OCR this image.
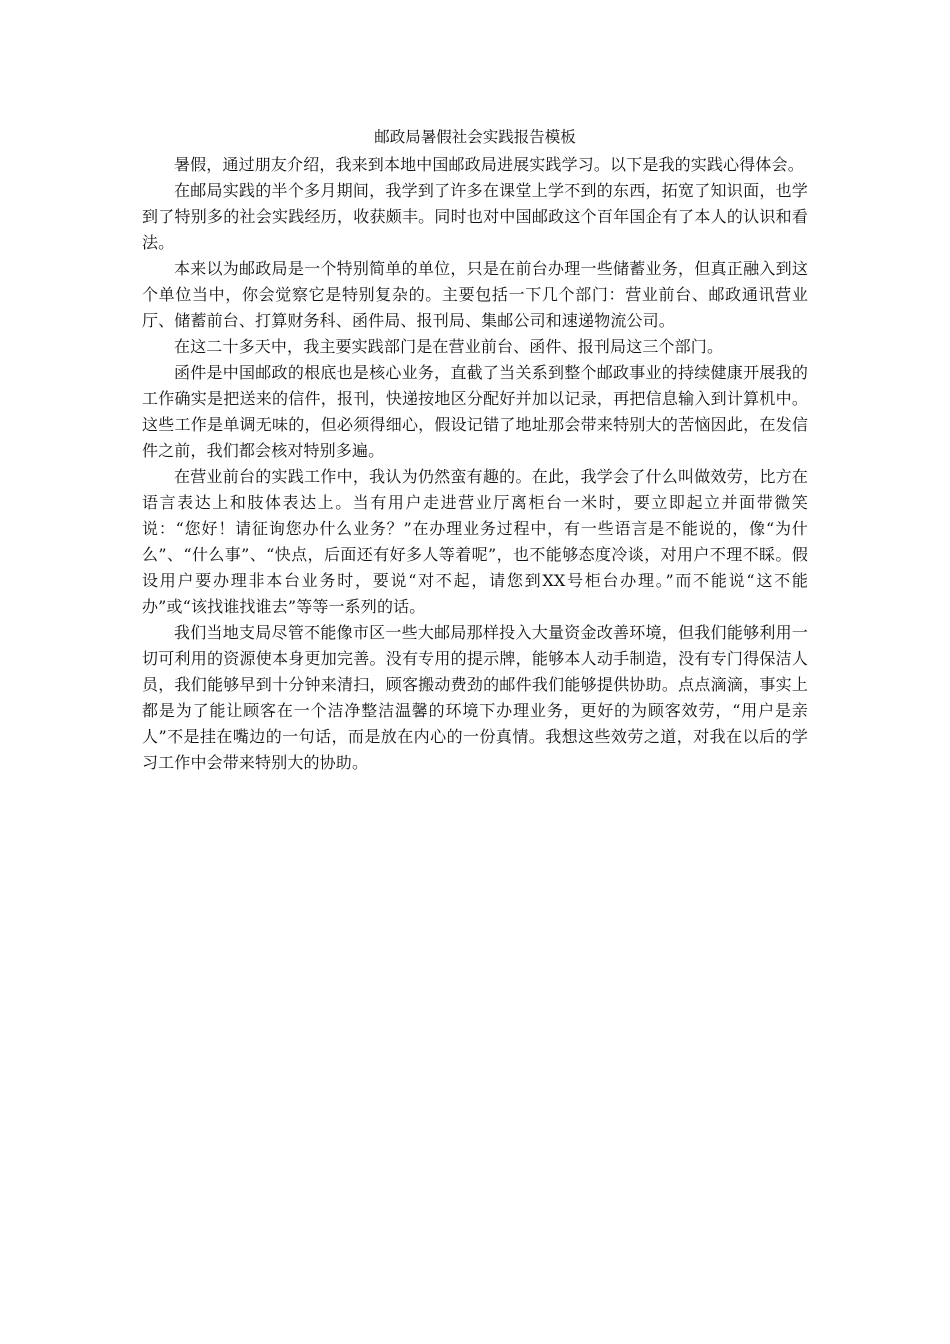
邮政局暑假社会实践报告模板

暑假，通过朋友介绍，我来到本地中国邮政局进展实践学习。以下是我的实践心得体会。

在邮局实践的半个多月期间，我学到了许多在课堂上学不到的东西，拓宽了知识面，也学到了特别多的社会实践经历，收获颇丰。同时也对中国邮政这个百年国企有了本人的认识和看法。

本来以为邮政局是一个特别简单的单位，只是在前台办理一些储蓄业务，但真正融入到这个单位当中，你会觉察它是特别复杂的。主要包括一下几个部门：营业前台、邮政通讯营业厅、储蓄前台、打算财务科、函件局、报刊局、集邮公司和速递物流公司。

在这二十多天中，我主要实践部门是在营业前台、函件、报刊局这三个部门。

函件是中国邮政的根底也是核心业务，直截了当关系到整个邮政事业的持续健康开展我的工作确实是把送来的信件，报刊，快递按地区分配好并加以记录，再把信息输入到计算机中。这些工作是单调无味的，但必须得细心，假设记错了地址那会带来特别大的苦恼因此，在发信件之前，我们都会核对特别多遍。

在营业前台的实践工作中，我认为仍然蛮有趣的。在此，我学会了什么叫做效劳，比方在语言表达上和肢体表达上。当有用户走进营业厅离柜台一米时，要立即起立并面带微笑说：“您好！请征询您办什么业务？”在办理业务过程中，有一些语言是不能说的，像“为什么”、“什么事”、“快点，后面还有好多人等着呢”，也不能够态度冷谈，对用户不理不睬。假设用户要办理非本台业务时，要说“对不起，请您到XX号柜台办理。”而不能说“这不能办”或“该找谁找谁去”等等一系列的话。

我们当地支局尽管不能像市区一些大邮局那样投入大量资金改善环境，但我们能够利用一切可利用的资源使本身更加完善。没有专用的提示牌，能够本人动手制造，没有专门得保洁人员，我们能够早到十分钟来清扫，顾客搬动费劲的邮件我们能够提供协助。点点滴滴，事实上都是为了能让顾客在一个洁净整洁温馨的环境下办理业务，更好的为顾客效劳，“用户是亲人”不是挂在嘴边的一句话，而是放在内心的一份真情。我想这些效劳之道，对我在以后的学习工作中会带来特别大的协助。
